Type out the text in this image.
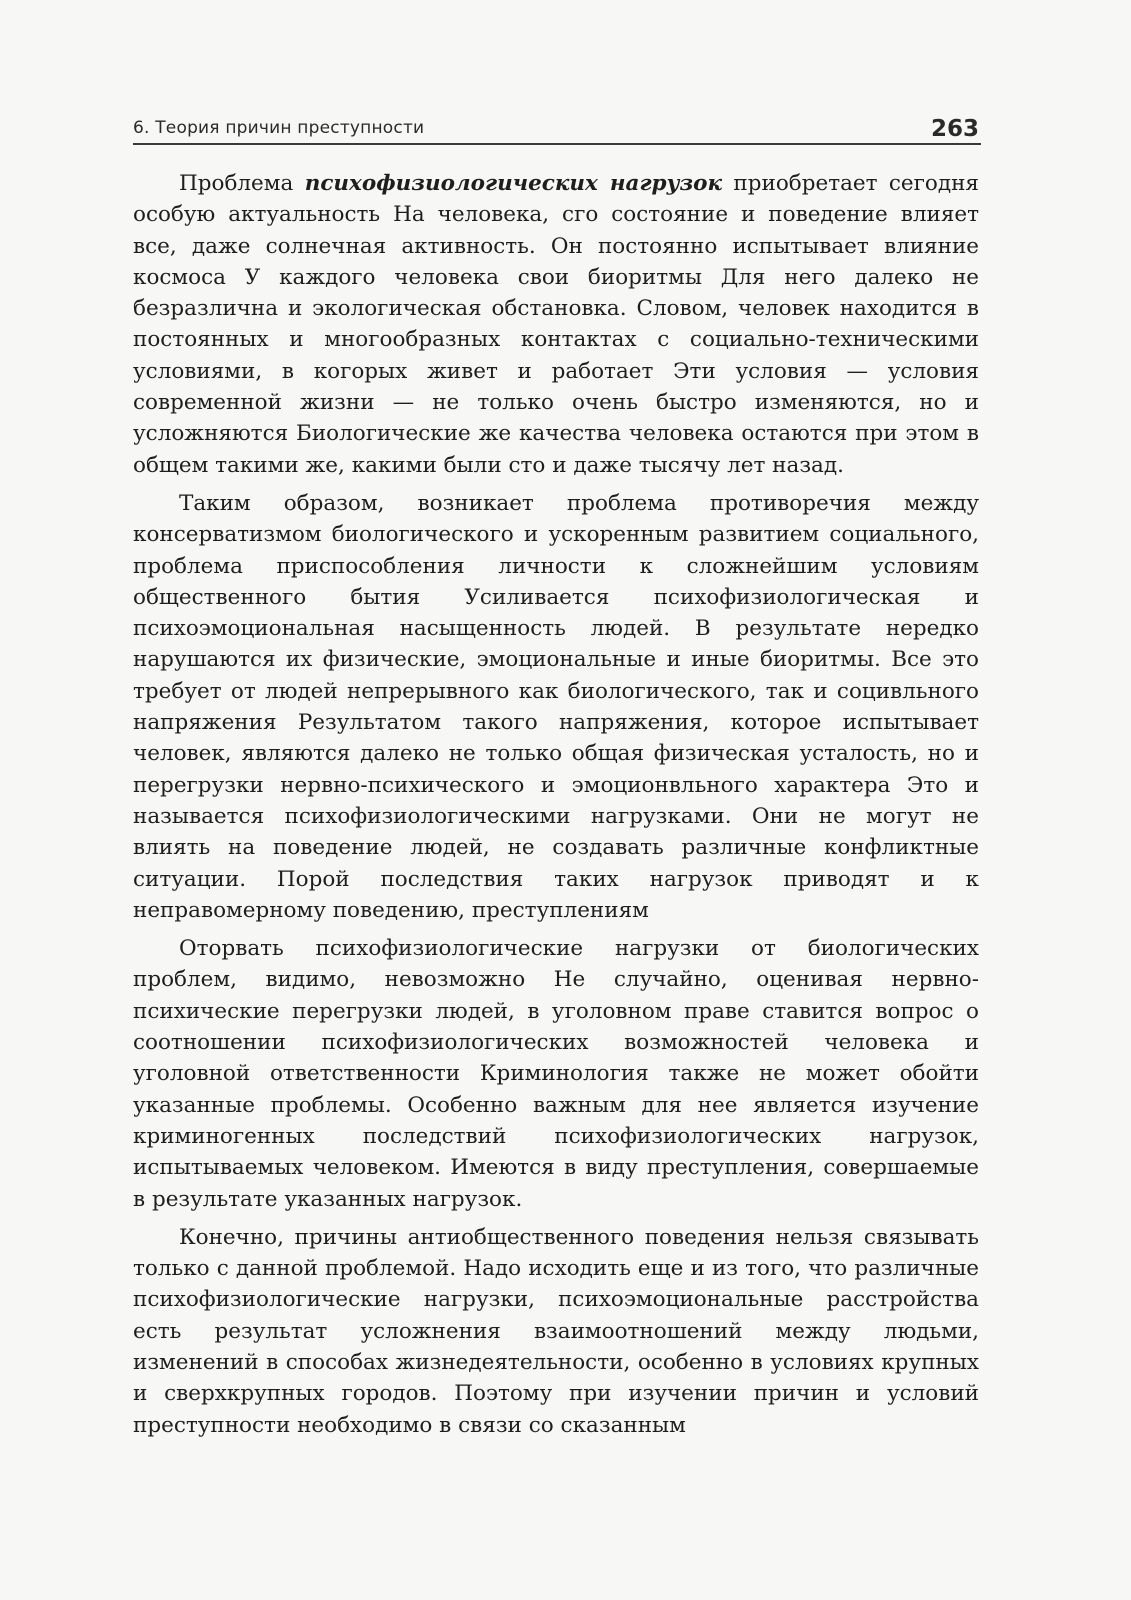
6. Теория причин преступности	263

Проблема психофизиологических нагрузок приобретает сегодня особую актуальность На человека, сго состояние и поведение влияет все, даже солнечная активность. Он постоянно испытывает влияние космоса У каждого человека свои биоритмы Для него далеко не безразлична и экологическая обстановка. Словом, человек находится в постоянных и многообразных контактах с социально-техническими условиями, в когорых живет и работает Эти условия — условия современной жизни — не только очень быстро изменяются, но и усложняются Биологические же качества человека остаются при этом в общем такими же, какими были сто и даже тысячу лет назад.

Таким образом, возникает проблема противоречия между консерватизмом биологического и ускоренным развитием социального, проблема приспособления личности к сложнейшим условиям общественного бытия Усиливается психофизиологическая и психоэмоциональная насыщенность людей. В результате нередко нарушаются их физические, эмоциональные и иные биоритмы. Все это требует от людей непрерывного как биологического, так и социвльного напряжения Результатом такого напряжения, которое испытывает человек, являются далеко не только общая физическая усталость, но и перегрузки нервно-психического и эмоционвльного характера Это и называется психофизиологическими нагрузками. Они не могут не влиять на поведение людей, не создавать различные конфликтные ситуации. Порой последствия таких нагрузок приводят и к неправомерному поведению, преступлениям

Оторвать психофизиологические нагрузки от биологических проблем, видимо, невозможно Не случайно, оценивая нервно-психические перегрузки людей, в уголовном праве ставится вопрос о соотношении психофизиологических возможностей человека и уголовной ответственности Криминология также не может обойти указанные проблемы. Особенно важным для нее является изучение криминогенных последствий психофизиологических нагрузок, испытываемых человеком. Имеются в виду преступления, совершаемые в результате указанных нагрузок.

Конечно, причины антиобщественного поведения нельзя связывать только с данной проблемой. Надо исходить еще и из того, что различные психофизиологические нагрузки, психоэмоциональные расстройства есть результат усложнения взаимоотношений между людьми, изменений в способах жизнедеятельности, особенно в условиях крупных и сверхкрупных городов. Поэтому при изучении причин и условий преступности необходимо в связи со сказанным
